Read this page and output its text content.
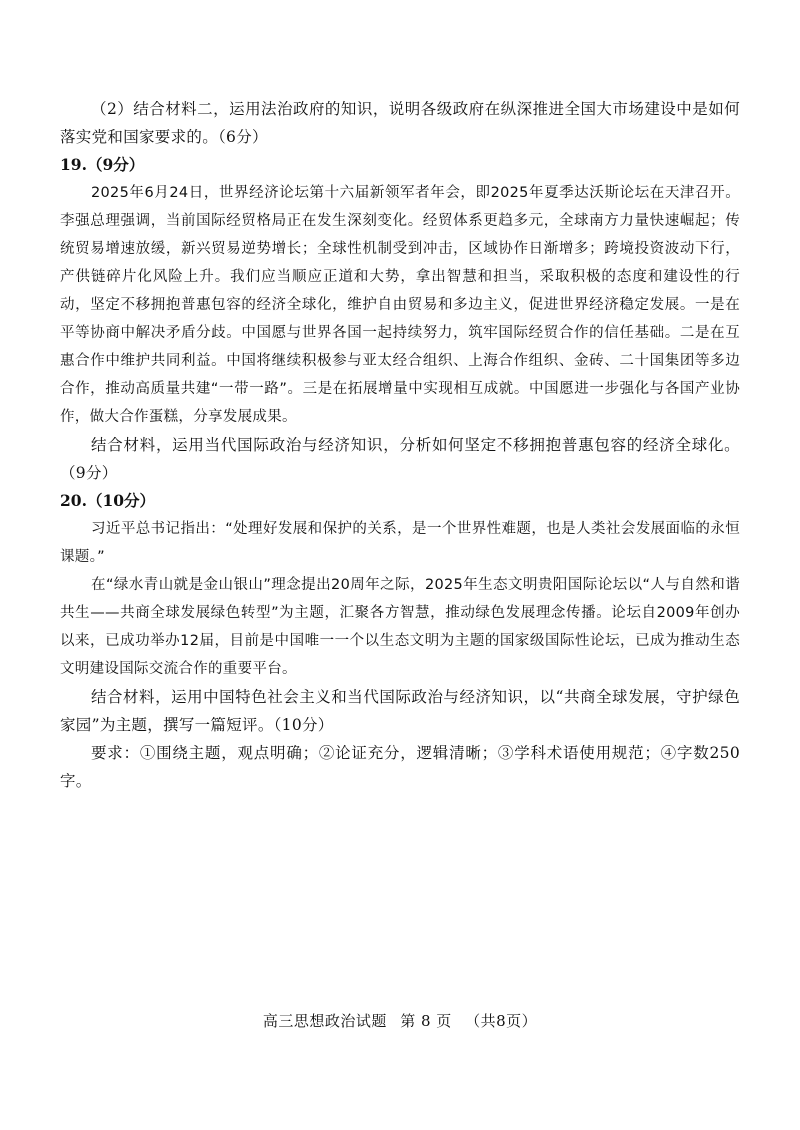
（2）结合材料二，运用法治政府的知识，说明各级政府在纵深推进全国大市场建设中是如何落实党和国家要求的。（6分）

19.（9分）

2025年6月24日，世界经济论坛第十六届新领军者年会，即2025年夏季达沃斯论坛在天津召开。李强总理强调，当前国际经贸格局正在发生深刻变化。经贸体系更趋多元，全球南方力量快速崛起；传统贸易增速放缓，新兴贸易逆势增长；全球性机制受到冲击，区域协作日渐增多；跨境投资波动下行，产供链碎片化风险上升。我们应当顺应正道和大势，拿出智慧和担当，采取积极的态度和建设性的行动，坚定不移拥抱普惠包容的经济全球化，维护自由贸易和多边主义，促进世界经济稳定发展。一是在平等协商中解决矛盾分歧。中国愿与世界各国一起持续努力，筑牢国际经贸合作的信任基础。二是在互惠合作中维护共同利益。中国将继续积极参与亚太经合组织、上海合作组织、金砖、二十国集团等多边合作，推动高质量共建“一带一路”。三是在拓展增量中实现相互成就。中国愿进一步强化与各国产业协作，做大合作蛋糕，分享发展成果。

结合材料，运用当代国际政治与经济知识，分析如何坚定不移拥抱普惠包容的经济全球化。（9分）

20.（10分）

习近平总书记指出：“处理好发展和保护的关系，是一个世界性难题，也是人类社会发展面临的永恒课题。”

在“绿水青山就是金山银山”理念提出20周年之际，2025年生态文明贵阳国际论坛以“人与自然和谐共生——共商全球发展绿色转型”为主题，汇聚各方智慧，推动绿色发展理念传播。论坛自2009年创办以来，已成功举办12届，目前是中国唯一一个以生态文明为主题的国家级国际性论坛，已成为推动生态文明建设国际交流合作的重要平台。

结合材料，运用中国特色社会主义和当代国际政治与经济知识，以“共商全球发展，守护绿色家园”为主题，撰写一篇短评。（10分）

要求：①围绕主题，观点明确；②论证充分，逻辑清晰；③学科术语使用规范；④字数250字。

高三思想政治试题 第 8 页 （共8页）
